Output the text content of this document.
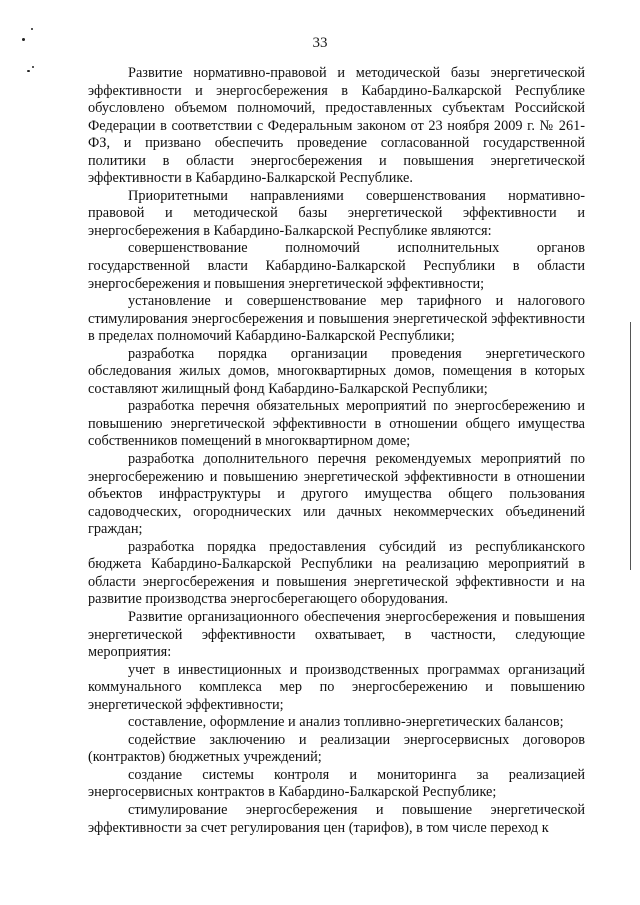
33

Развитие нормативно-правовой и методической базы энергетической эффективности и энергосбережения в Кабардино-Балкарской Республике обусловлено объемом полномочий, предоставленных субъектам Российской Федерации в соответствии с Федеральным законом от 23 ноября 2009 г. № 261-ФЗ, и призвано обеспечить проведение согласованной государственной политики в области энергосбережения и повышения энергетической эффективности в Кабардино-Балкарской Республике.

Приоритетными направлениями совершенствования нормативно-правовой и методической базы энергетической эффективности и энергосбережения в Кабардино-Балкарской Республике являются:

совершенствование полномочий исполнительных органов государственной власти Кабардино-Балкарской Республики в области энергосбережения и повышения энергетической эффективности;

установление и совершенствование мер тарифного и налогового стимулирования энергосбережения и повышения энергетической эффективности в пределах полномочий Кабардино-Балкарской Республики;

разработка порядка организации проведения энергетического обследования жилых домов, многоквартирных домов, помещения в которых составляют жилищный фонд Кабардино-Балкарской Республики;

разработка перечня обязательных мероприятий по энергосбережению и повышению энергетической эффективности в отношении общего имущества собственников помещений в многоквартирном доме;

разработка дополнительного перечня рекомендуемых мероприятий по энергосбережению и повышению энергетической эффективности в отношении объектов инфраструктуры и другого имущества общего пользования садоводческих, огороднических или дачных некоммерческих объединений граждан;

разработка порядка предоставления субсидий из республиканского бюджета Кабардино-Балкарской Республики на реализацию мероприятий в области энергосбережения и повышения энергетической эффективности и на развитие производства энергосберегающего оборудования.

Развитие организационного обеспечения энергосбережения и повышения энергетической эффективности охватывает, в частности, следующие мероприятия:

учет в инвестиционных и производственных программах организаций коммунального комплекса мер по энергосбережению и повышению энергетической эффективности;

составление, оформление и анализ топливно-энергетических балансов;

содействие заключению и реализации энергосервисных договоров (контрактов) бюджетных учреждений;

создание системы контроля и мониторинга за реализацией энергосервисных контрактов в Кабардино-Балкарской Республике;

стимулирование энергосбережения и повышение энергетической эффективности за счет регулирования цен (тарифов), в том числе переход к
